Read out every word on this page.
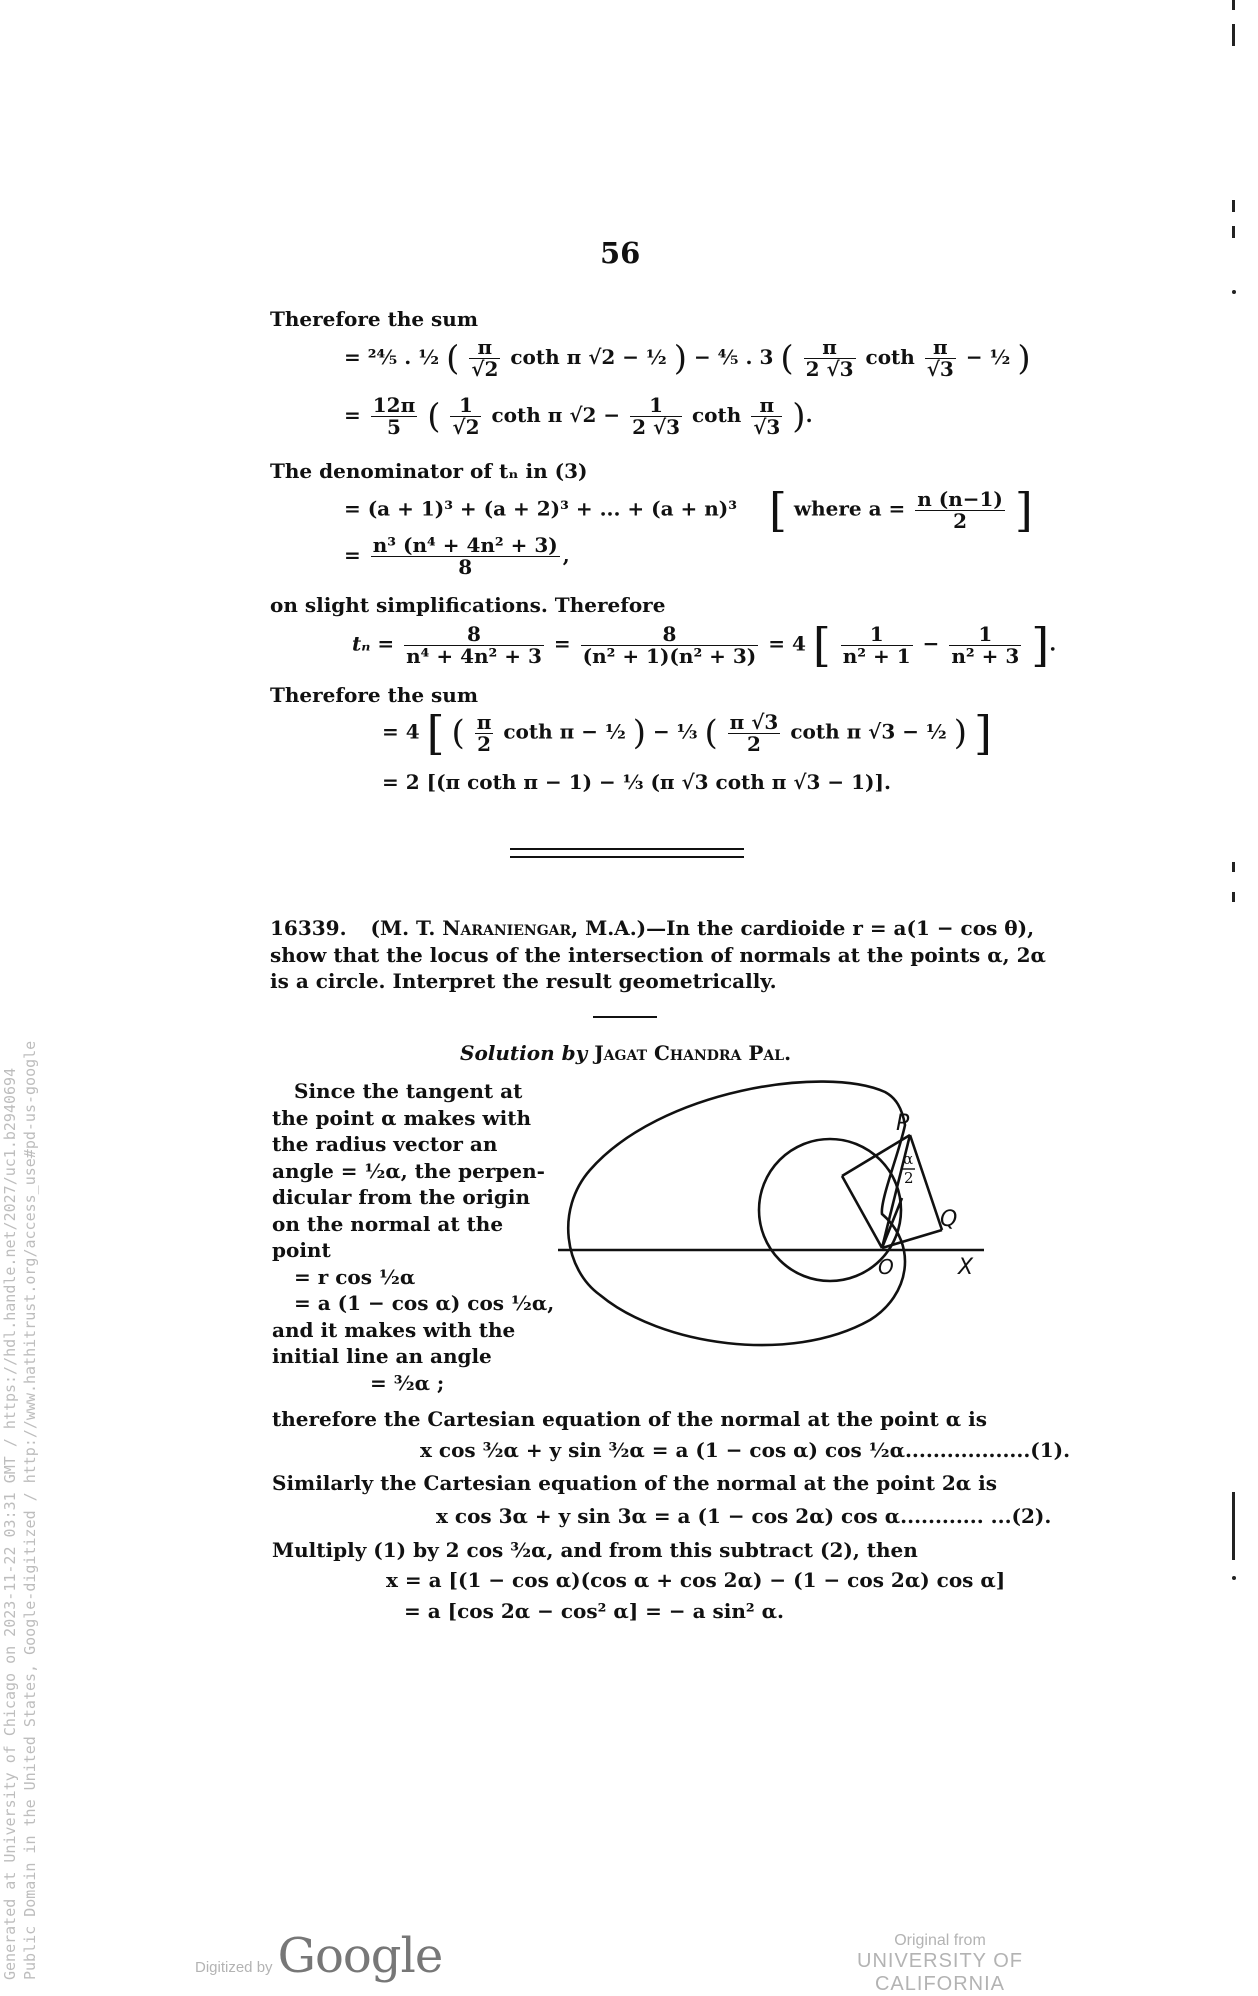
56
Therefore the sum
= ²⁴⁄₅ . ½ ( $\frac{\pi}{√2}$ coth π √2 − ½ ) − ⁴⁄₅ . 3 ( $\frac{\pi}{2 √3}$ coth $\frac{\pi}{√3}$ − ½ )
= $\frac{12\pi}{5}$ ( $\frac{1}{√2}$ coth π $√2 - \frac{1}{2 √3}$ coth $\frac{\pi}{√3}$ ).
The denominator of tₙ in (3)
= (a + 1)³ + (a + 2)³ + ... + (a + n)³ [ where $a = \frac{n (n-1)}{2}$ ]
= $\frac{\text{n³ (n⁴ + 4n² + 3)}}{8}$ ,
on slight simplifications. Therefore
$t_n = \frac{8}{\text{n⁴ + 4n² + 3}} = \frac{8}{\text{(n² + 1)(n² + 3)}} = 4$ [ $\frac{1}{\text{n² + 1}} - \frac{1}{\text{n² + 3}}$ ].
Therefore the sum
= 4 [ ( $\frac{\pi}{2}$ coth π − ½ ) − ⅓ ( $\frac{\pi √3}{2}$ coth π √3 − ½ ) ]
= 2 [(π coth π − 1) − ⅓ (π √3 coth π √3 − 1)].
16339. (M. T. Naraniengar, M.A.)—In the cardioide r = a(1 − cos θ),
show that the locus of the intersection of normals at the points α, 2α
is a circle. Interpret the result geometrically.
Solution by Jagat Chandra Pal.
Since the tangent at
the point α makes with
the radius vector an
angle = ½α, the perpen-
dicular from the origin
on the normal at the
point
= r cos ½α
= a (1 − cos α) cos ½α,
and it makes with the
initial line an angle
= ³⁄₂α ;
P
Q
O	X
α
2
therefore the Cartesian equation of the normal at the point α is
x cos ³⁄₂α + y sin ³⁄₂α = a (1 − cos α) cos ½α..................(1).
Similarly the Cartesian equation of the normal at the point 2α is
x cos 3α + y sin 3α = a (1 − cos 2α) cos α............ ...(2).
Multiply (1) by 2 cos ³⁄₂α, and from this subtract (2), then
x = a [(1 − cos α)(cos α + cos 2α) − (1 − cos 2α) cos α]
= a [cos 2α − cos² α] = − a sin² α.
Generated at University of Chicago on 2023-11-22 03:31 GMT / https://hdl.handle.net/2027/uc1.b2940694 Public Domain in the United States, Google-digitized / http://www.hathitrust.org/access_use#pd-us-google	Digitized by Google	Original from
UNIVERSITY OF CALIFORNIA
